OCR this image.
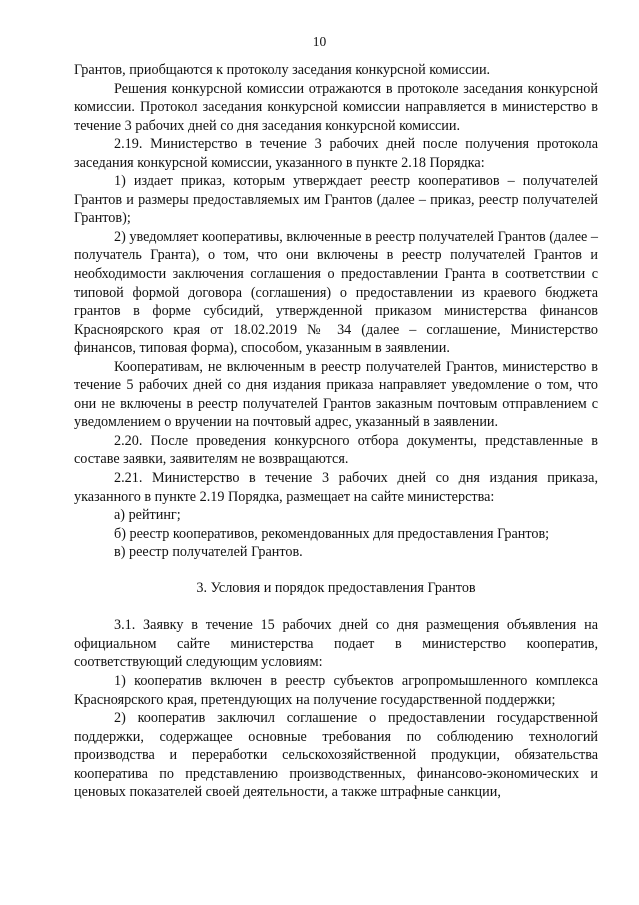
10

Грантов, приобщаются к протоколу заседания конкурсной комиссии.

Решения конкурсной комиссии отражаются в протоколе заседания конкурсной комиссии. Протокол заседания конкурсной комиссии направляется в министерство в течение 3 рабочих дней со дня заседания конкурсной комиссии.

2.19. Министерство в течение 3 рабочих дней после получения протокола заседания конкурсной комиссии, указанного в пункте 2.18 Порядка:

1) издает приказ, которым утверждает реестр кооперативов – получателей Грантов и размеры предоставляемых им Грантов (далее – приказ, реестр получателей Грантов);

2) уведомляет кооперативы, включенные в реестр получателей Грантов (далее – получатель Гранта), о том, что они включены в реестр получателей Грантов и необходимости заключения соглашения о предоставлении Гранта в соответствии с типовой формой договора (соглашения) о предоставлении из краевого бюджета грантов в форме субсидий, утвержденной приказом министерства финансов Красноярского края от 18.02.2019 № 34 (далее – соглашение, Министерство финансов, типовая форма), способом, указанным в заявлении.

Кооперативам, не включенным в реестр получателей Грантов, министерство в течение 5 рабочих дней со дня издания приказа направляет уведомление о том, что они не включены в реестр получателей Грантов заказным почтовым отправлением с уведомлением о вручении на почтовый адрес, указанный в заявлении.

2.20. После проведения конкурсного отбора документы, представленные в составе заявки, заявителям не возвращаются.

2.21. Министерство в течение 3 рабочих дней со дня издания приказа, указанного в пункте 2.19 Порядка, размещает на сайте министерства:

а) рейтинг;

б) реестр кооперативов, рекомендованных для предоставления Грантов;

в) реестр получателей Грантов.

3. Условия и порядок предоставления Грантов

3.1. Заявку в течение 15 рабочих дней со дня размещения объявления на официальном сайте министерства подает в министерство кооператив, соответствующий следующим условиям:

1) кооператив включен в реестр субъектов агропромышленного комплекса Красноярского края, претендующих на получение государственной поддержки;

2) кооператив заключил соглашение о предоставлении государственной поддержки, содержащее основные требования по соблюдению технологий производства и переработки сельскохозяйственной продукции, обязательства кооператива по представлению производственных, финансово-экономических и ценовых показателей своей деятельности, а также штрафные санкции,
